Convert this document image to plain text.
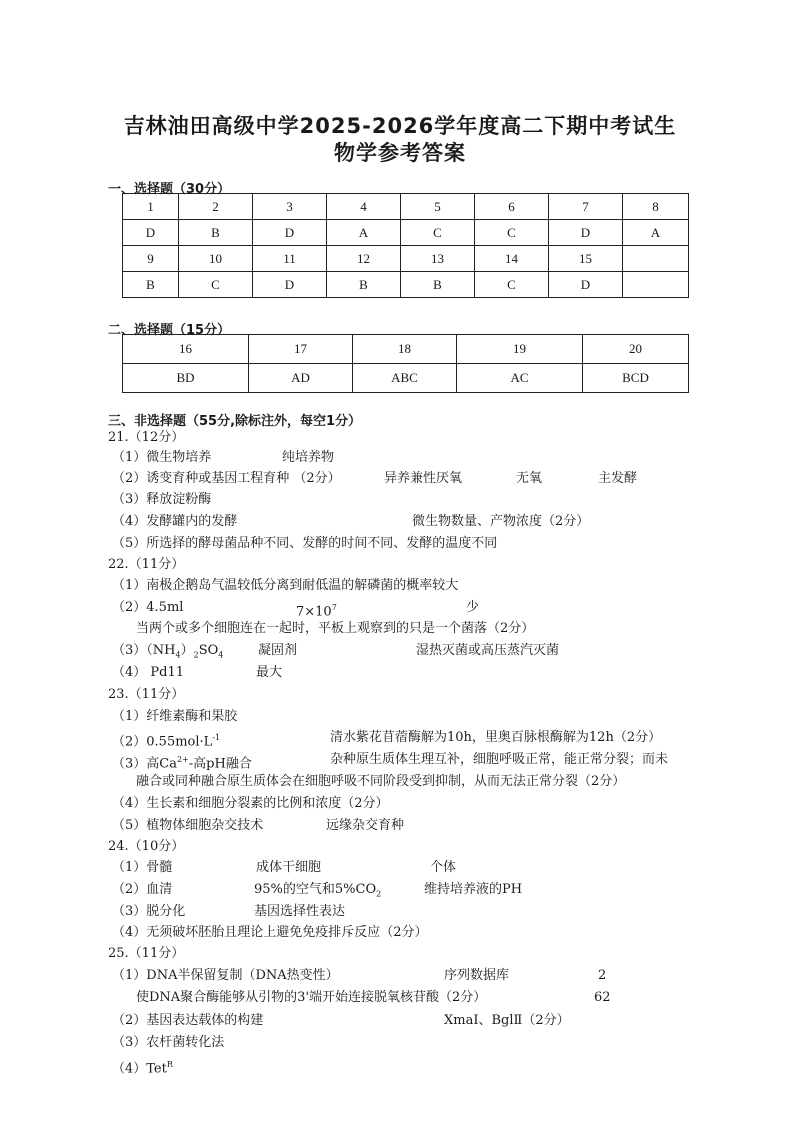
吉林油田高级中学2025-2026学年度高二下期中考试生
物学参考答案
一、选择题（30分）
1	2	3	4	5	6	7	8
D	B	D	A	C	C	D	A
9	10	11	12	13	14	15	
B	C	D	B	B	C	D	
二、选择题（15分）
16	17	18	19	20
BD	AD	ABC	AC	BCD
三、非选择题（55分,除标注外，每空1分）
21.（12分）
（1）微生物培养	纯培养物
（2）诱变育种或基因工程育种 （2分）	异养兼性厌氧	无氧	主发酵
（3）释放淀粉酶
（4）发酵罐内的发酵	微生物数量、产物浓度（2分）
（5）所选择的酵母菌品种不同、发酵的时间不同、发酵的温度不同
22.（11分）
（1）南极企鹅岛气温较低分离到耐低温的解磷菌的概率较大
（2）4.5ml	$7\times 10^7$	少
当两个或多个细胞连在一起时，平板上观察到的只是一个菌落（2分）
$(3)(NH_4)_2SO_4$	凝固剂	湿热灭菌或高压蒸汽灭菌
（4） Pd11	最大
23.（11分）
（1）纤维素酶和果胶
$(2)0.55mol\cdot L^{-1}$	清水紫花苜蓿酶解为10h，里奥百脉根酶解为12h（2分）
（3）高$Ca^{2+}-$高pH融合	杂种原生质体生理互补，细胞呼吸正常，能正常分裂；而未
融合或同种融合原生质体会在细胞呼吸不同阶段受到抑制，从而无法正常分裂（2分）
（4）生长素和细胞分裂素的比例和浓度（2分）
（5）植物体细胞杂交技术	远缘杂交育种
24.（10分）
（1）骨髓	成体干细胞	个体
（2）血清	95%的空气和$5\%CO_2$	维持培养液的PH
（3）脱分化	基因选择性表达
（4）无须破坏胚胎且理论上避免免疫排斥反应（2分）
25.（11分）
（1）DNA半保留复制（DNA热变性）	序列数据库	2
使DNA聚合酶能够从引物的3'端开始连接脱氧核苷酸（2分）	62
（2）基因表达载体的构建	XmaⅠ、BglⅡ（2分）
（3）农杆菌转化法
（4）Tet$^R$
